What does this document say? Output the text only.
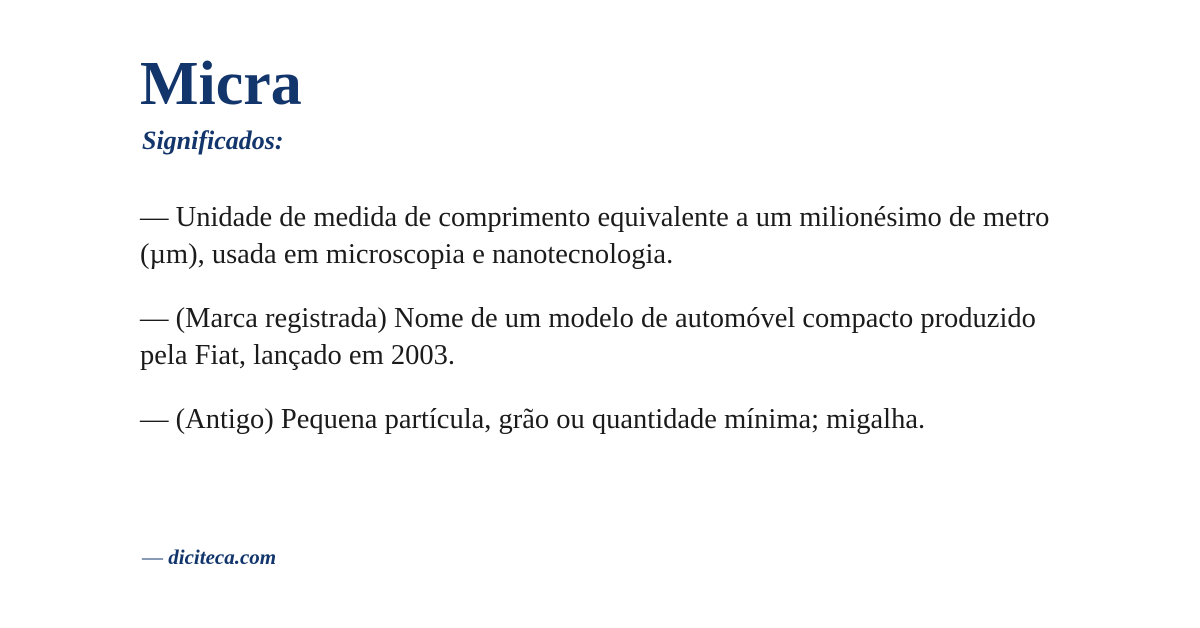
Micra
Significados:

— Unidade de medida de comprimento equivalente a um milionésimo de metro (µm), usada em microscopia e nanotecnologia.

— (Marca registrada) Nome de um modelo de automóvel compacto produzido pela Fiat, lançado em 2003.

— (Antigo) Pequena partícula, grão ou quantidade mínima; migalha.

— diciteca.com
